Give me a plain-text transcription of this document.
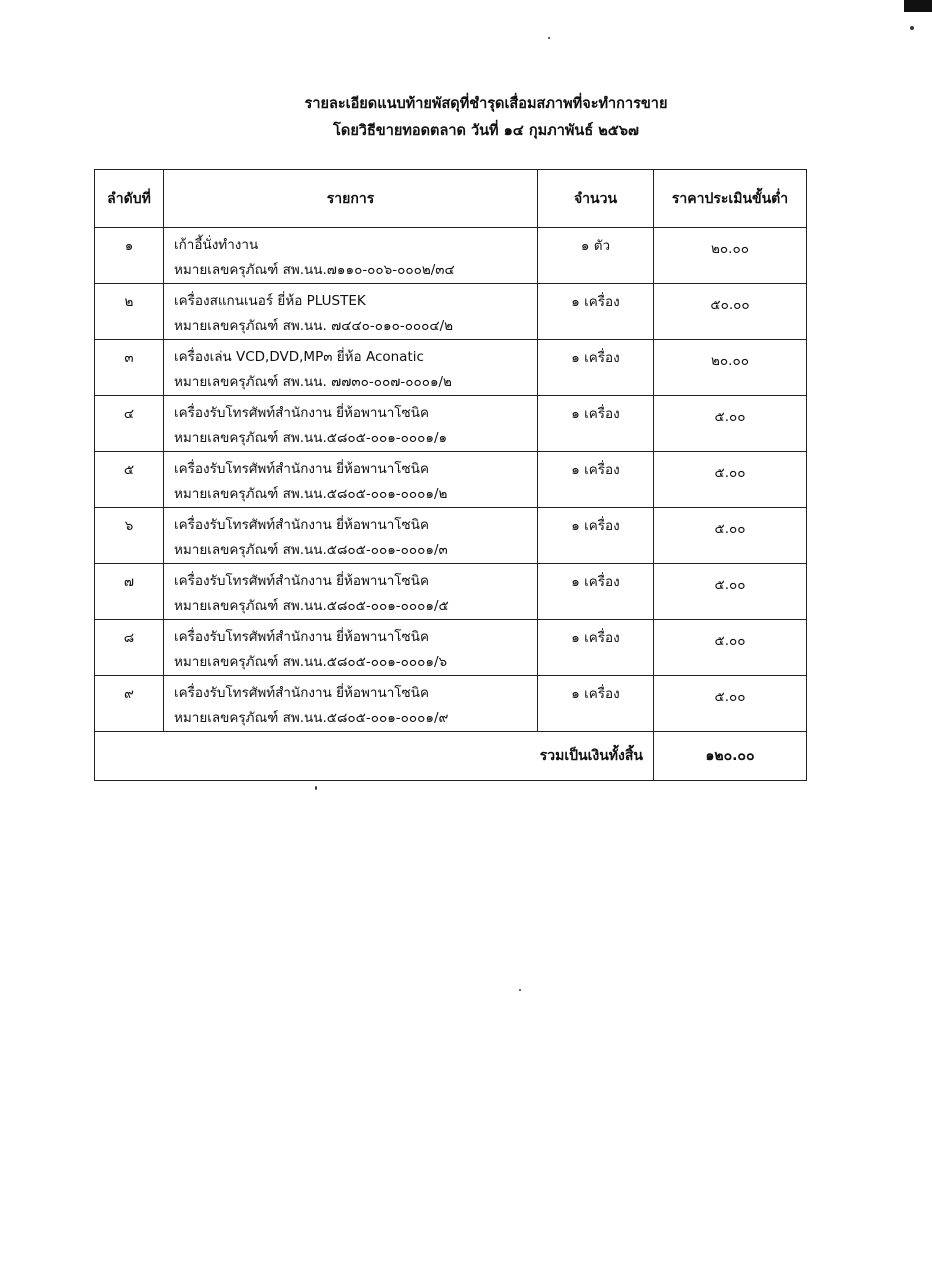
รายละเอียดแนบท้ายพัสดุที่ชำรุดเสื่อมสภาพที่จะทำการขาย
โดยวิธีขายทอดตลาด วันที่ ๑๔ กุมภาพันธ์ ๒๕๖๗
ลำดับที่	รายการ	จำนวน	ราคาประเมินขั้นต่ำ
๑	เก้าอี้นั่งทำงาน
หมายเลขครุภัณฑ์ สพ.นน.๗๑๑๐-๐๐๖-๐๐๐๒/๓๔	๑ ตัว	๒๐.๐๐
๒	เครื่องสแกนเนอร์ ยี่ห้อ PLUSTEK
หมายเลขครุภัณฑ์ สพ.นน. ๗๔๔๐-๐๑๐-๐๐๐๔/๒	๑ เครื่อง	๕๐.๐๐
๓	เครื่องเล่น VCD,DVD,MP๓ ยี่ห้อ Aconatic
หมายเลขครุภัณฑ์ สพ.นน. ๗๗๓๐-๐๐๗-๐๐๐๑/๒	๑ เครื่อง	๒๐.๐๐
๔	เครื่องรับโทรศัพท์สำนักงาน ยี่ห้อพานาโซนิค
หมายเลขครุภัณฑ์ สพ.นน.๕๘๐๕-๐๐๑-๐๐๐๑/๑	๑ เครื่อง	๕.๐๐
๕	เครื่องรับโทรศัพท์สำนักงาน ยี่ห้อพานาโซนิค
หมายเลขครุภัณฑ์ สพ.นน.๕๘๐๕-๐๐๑-๐๐๐๑/๒	๑ เครื่อง	๕.๐๐
๖	เครื่องรับโทรศัพท์สำนักงาน ยี่ห้อพานาโซนิค
หมายเลขครุภัณฑ์ สพ.นน.๕๘๐๕-๐๐๑-๐๐๐๑/๓	๑ เครื่อง	๕.๐๐
๗	เครื่องรับโทรศัพท์สำนักงาน ยี่ห้อพานาโซนิค
หมายเลขครุภัณฑ์ สพ.นน.๕๘๐๕-๐๐๑-๐๐๐๑/๕	๑ เครื่อง	๕.๐๐
๘	เครื่องรับโทรศัพท์สำนักงาน ยี่ห้อพานาโซนิค
หมายเลขครุภัณฑ์ สพ.นน.๕๘๐๕-๐๐๑-๐๐๐๑/๖	๑ เครื่อง	๕.๐๐
๙	เครื่องรับโทรศัพท์สำนักงาน ยี่ห้อพานาโซนิค
หมายเลขครุภัณฑ์ สพ.นน.๕๘๐๕-๐๐๑-๐๐๐๑/๙	๑ เครื่อง	๕.๐๐
รวมเป็นเงินทั้งสิ้น			๑๒๐.๐๐
